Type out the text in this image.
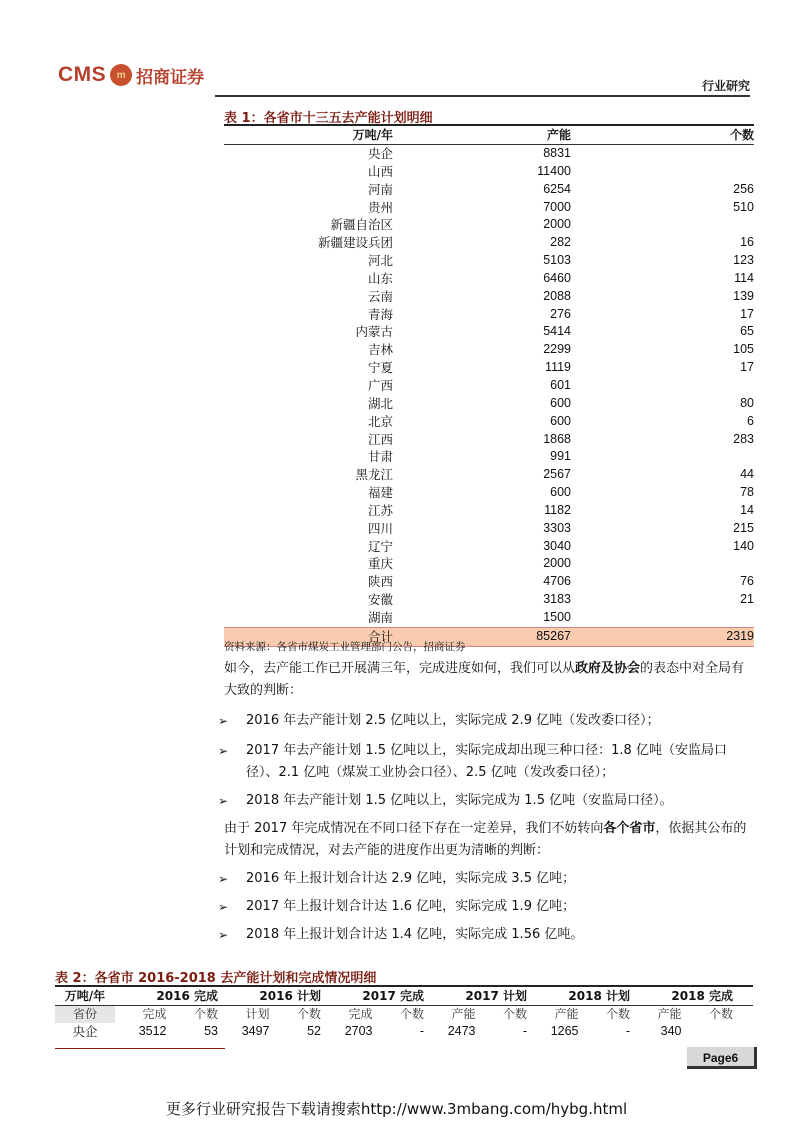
CMS m 招商证券	行业研究
表 1：各省市十三五去产能计划明细
万吨/年	产能	个数
央企	8831
山西	11400
河南	6254	256
贵州	7000	510
新疆自治区	2000
新疆建设兵团	282	16
河北	5103	123
山东	6460	114
云南	2088	139
青海	276	17
内蒙古	5414	65
吉林	2299	105
宁夏	1119	17
广西	601
湖北	600	80
北京	600	6
江西	1868	283
甘肃	991
黑龙江	2567	44
福建	600	78
江苏	1182	14
四川	3303	215
辽宁	3040	140
重庆	2000
陕西	4706	76
安徽	3183	21
湖南	1500
合计	85267	2319
资料来源：各省市煤炭工业管理部门公告，招商证券
如今，去产能工作已开展满三年，完成进度如何，我们可以从政府及协会的表态中对全局有大致的判断：
➢	2016 年去产能计划 2.5 亿吨以上，实际完成 2.9 亿吨（发改委口径）；
➢	2017 年去产能计划 1.5 亿吨以上，实际完成却出现三种口径：1.8 亿吨（安监局口径）、2.1 亿吨（煤炭工业协会口径）、2.5 亿吨（发改委口径）；
➢	2018 年去产能计划 1.5 亿吨以上，实际完成为 1.5 亿吨（安监局口径）。
由于 2017 年完成情况在不同口径下存在一定差异，我们不妨转向各个省市，依据其公布的计划和完成情况，对去产能的进度作出更为清晰的判断：
➢	2016 年上报计划合计达 2.9 亿吨，实际完成 3.5 亿吨；
➢	2017 年上报计划合计达 1.6 亿吨，实际完成 1.9 亿吨；
➢	2018 年上报计划合计达 1.4 亿吨，实际完成 1.56 亿吨。
表 2：各省市 2016-2018 去产能计划和完成情况明细
万吨/年	2016 完成	2016 计划	2017 完成	2017 计划	2018 计划	2018 完成
省份	完成	个数	计划	个数	完成	个数	产能	个数	产能	个数	产能	个数
央企	3512	53	3497	52	2703	-	2473	-	1265	-	340
Page6
更多行业研究报告下载请搜索http://www.3mbang.com/hybg.html
